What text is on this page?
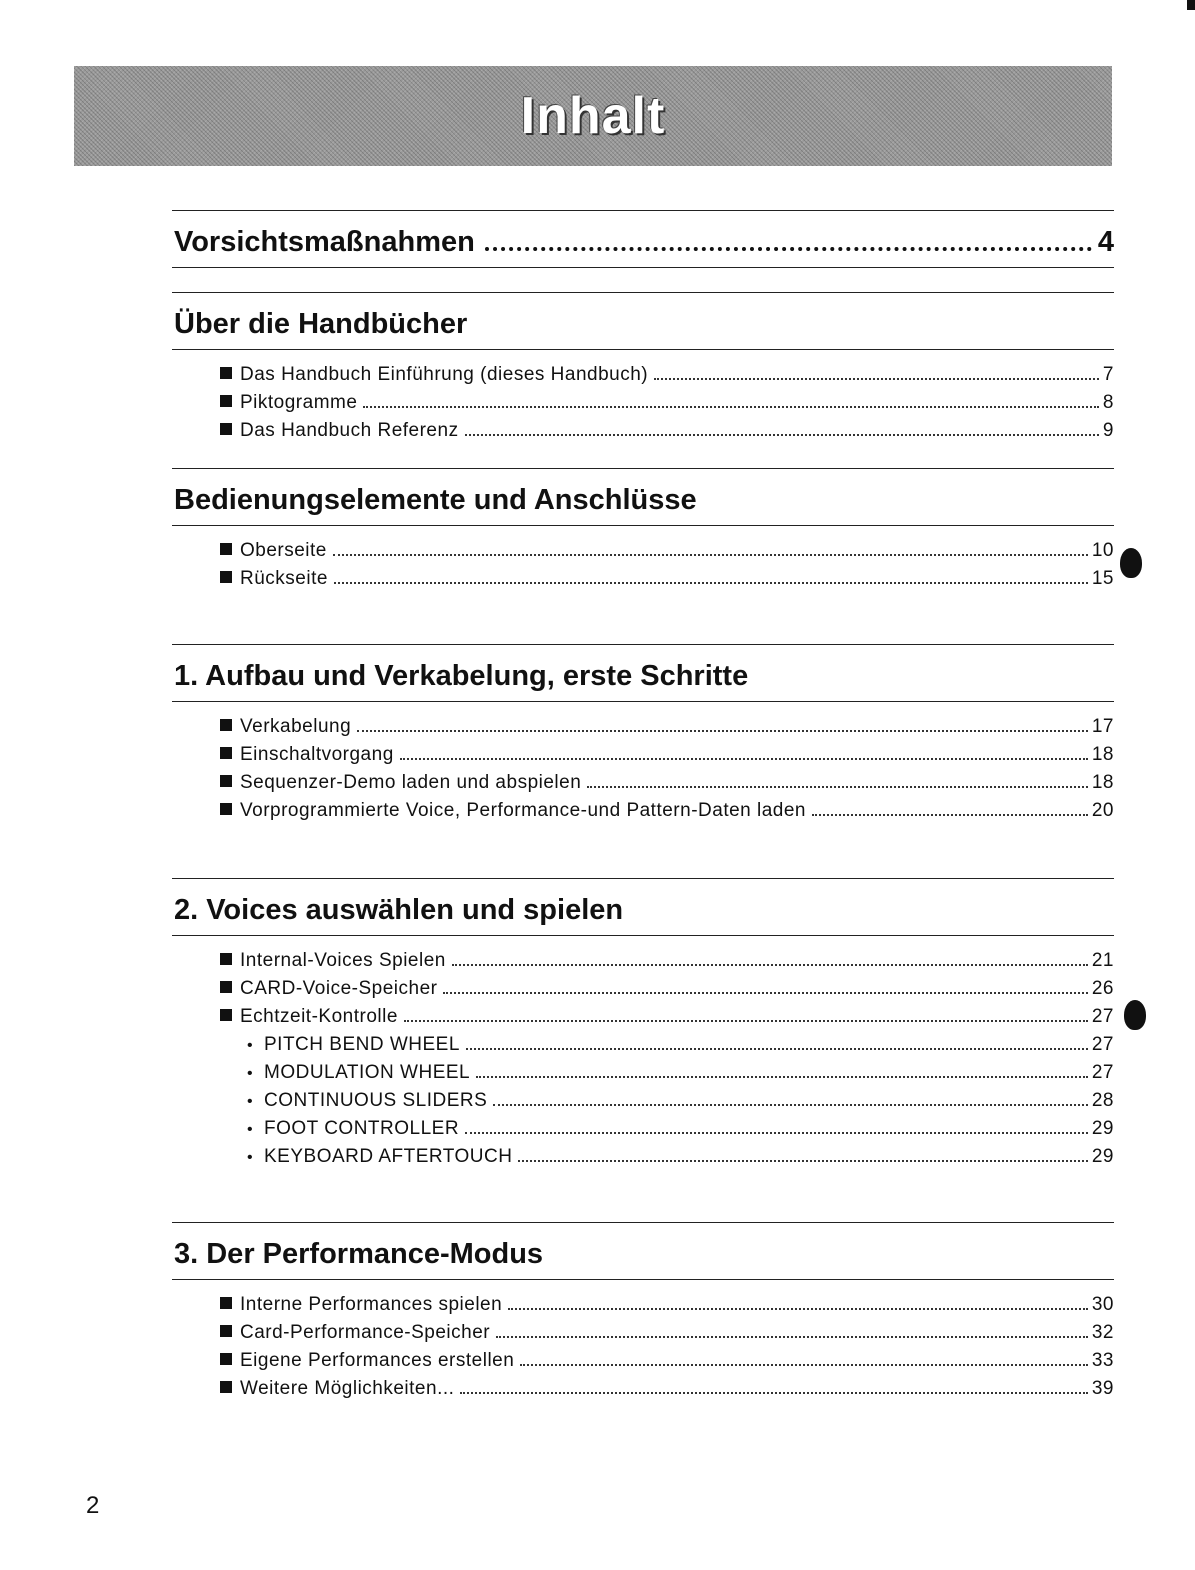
Inhalt
Vorsichtsmaßnahmen	4
Über die Handbücher
Das Handbuch Einführung (dieses Handbuch)	7
Piktogramme	8
Das Handbuch Referenz	9
Bedienungselemente und Anschlüsse
Oberseite	10
Rückseite	15
1. Aufbau und Verkabelung, erste Schritte
Verkabelung	17
Einschaltvorgang	18
Sequenzer-Demo laden und abspielen	18
Vorprogrammierte Voice, Performance-und Pattern-Daten laden	20
2. Voices auswählen und spielen
Internal-Voices Spielen	21
CARD-Voice-Speicher	26
Echtzeit-Kontrolle	27
• PITCH BEND WHEEL	27
• MODULATION WHEEL	27
• CONTINUOUS SLIDERS	28
• FOOT CONTROLLER	29
• KEYBOARD AFTERTOUCH	29
3. Der Performance-Modus
Interne Performances spielen	30
Card-Performance-Speicher	32
Eigene Performances erstellen	33
Weitere Möglichkeiten...	39
2
